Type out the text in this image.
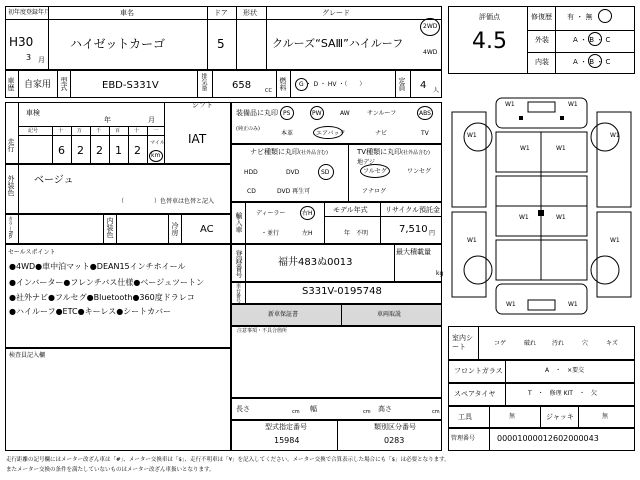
初年度登録年月
H30
3 月
車名
ハイゼットカーゴ
ドア
5
形状	グレード
クルーズ“SAⅢ”ハイルーフ
2WD
4WD
車歴 自家用 型式	EBD-S331V	排気量	658	CC 燃料 G ・ D ・ HV ・（　　）	定員 4 人
評価点
4.5
修復歴 有 ・ 無
外装	A ・ B ・ C
内装	A ・ B ・ C
車検
年	月
走行
記号	十	万	千	百	十	一
6 2 2 1 2
マイル
km
シフト
IAT
装備品に丸印
(純正のみ)
PS	PW	AW	サンルーフ	ABS
本革	エアバック	ナビ	TV
ナビ種類に丸印(社外品含む)
HDD	DVD	SD
CD	DVD 再生可
TV種類に丸印(社外品含む)
地デジ
フルセグ	ワンセグ
アナログ
外装色 ベージュ
（　　　　　）色替車は色替と記入
カラーNo.	内装色	冷房 AC	輸入車 ディーラー	右H
・並行	左H
モデル年式
年　不明
リサイクル預託金
7,510 円
セールスポイント
●4WD●車中泊マット●DEAN15インチホイール
●インバーター●フレンチバス仕様●ベージュツートン
●社外ナビ●フルセグ●Bluetooth●360度ドラレコ
●ハイルーフ●ETC●キーレス●シートカバー
登録番号	福井483ぬ0013
最大積載量
kg
車台番号	S331V-0195748
新車保証書	車両取説
検査員記入欄
注意事項・不具合箇所
長さ	cm 幅	cm 高さ	cm
型式指定番号
15984
類別区分番号
0283
W1	W1
W1	W1
W1	W1
W1	W1
W1	W1
W1	W1
室内シート	コゲ	破れ	汚れ	穴	キズ
フロントガラス	A　・　×要交
スペアタイヤ	T　・　修理 KIT　・　欠
工具	無	ジャッキ	無
管理番号	00001000012602000043
走行距離の記号欄にはメーター改ざん車は「#」、メーター交換車は「$」、走行不明車は「¥」を記入してください。メーター交換で合算表示した場合にも「$」は必要となります。
またメーター交換の条件を満たしていないものはメーター改ざん車扱いとなります。
